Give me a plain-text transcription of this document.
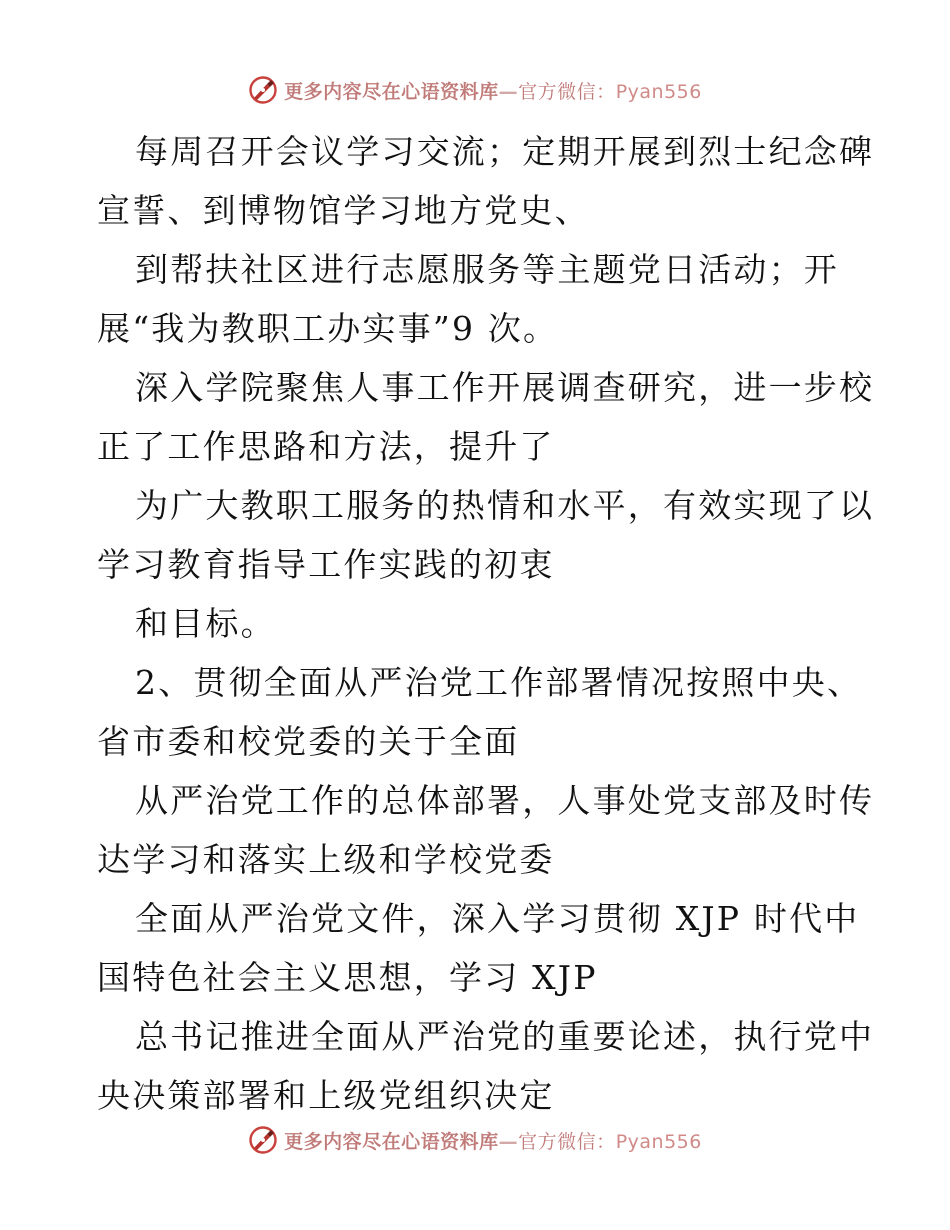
更多内容尽在心语资料库—官方微信：Pyan556
每周召开会议学习交流；定期开展到烈士纪念碑
宣誓、到博物馆学习地方党史、
到帮扶社区进行志愿服务等主题党日活动；开
展“我为教职工办实事”9 次。
深入学院聚焦人事工作开展调查研究，进一步校
正了工作思路和方法，提升了
为广大教职工服务的热情和水平，有效实现了以
学习教育指导工作实践的初衷
和目标。
2、贯彻全面从严治党工作部署情况按照中央、
省市委和校党委的关于全面
从严治党工作的总体部署，人事处党支部及时传
达学习和落实上级和学校党委
全面从严治党文件，深入学习贯彻 XJP 时代中
国特色社会主义思想，学习 XJP
总书记推进全面从严治党的重要论述，执行党中
央决策部署和上级党组织决定
更多内容尽在心语资料库—官方微信：Pyan556
